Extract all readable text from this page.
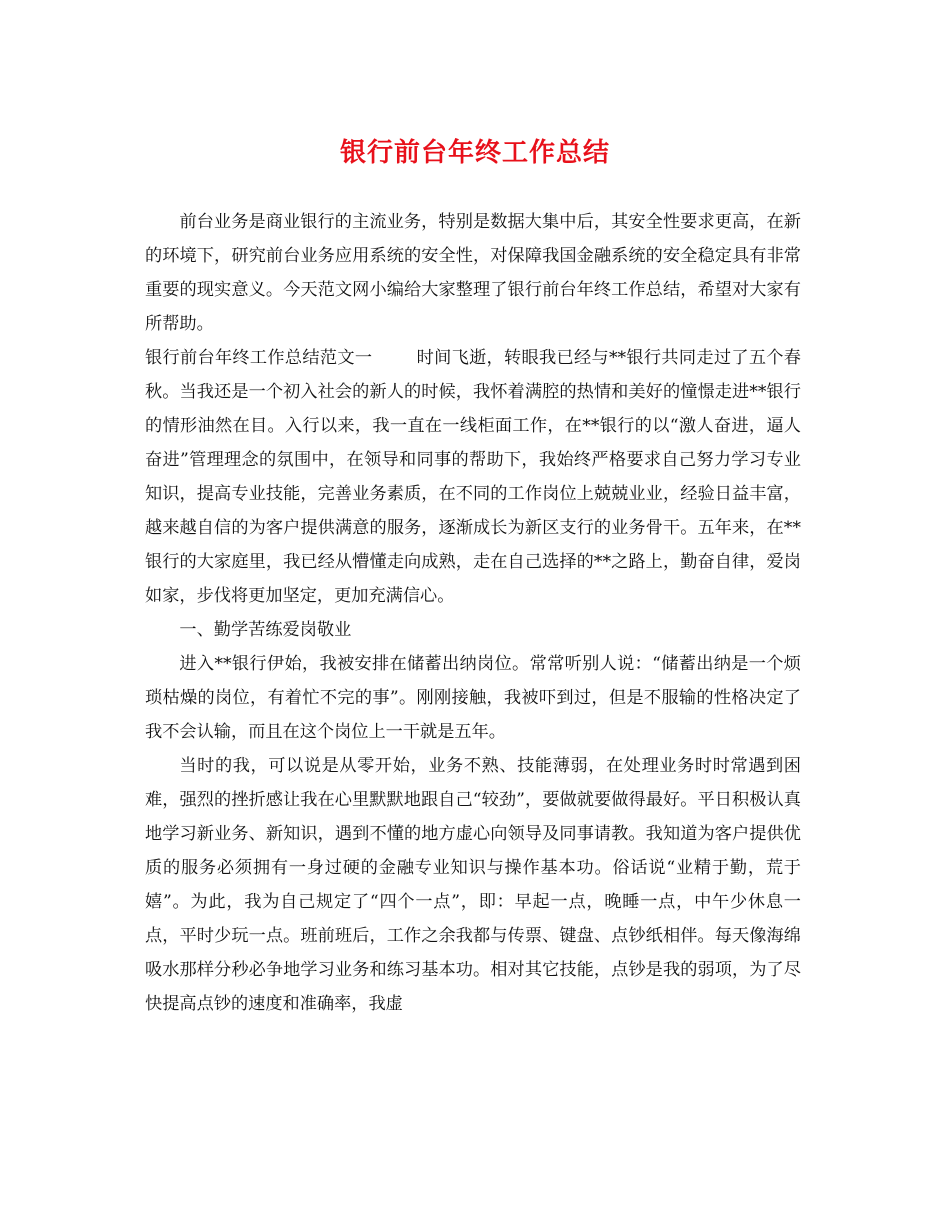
银行前台年终工作总结

前台业务是商业银行的主流业务，特别是数据大集中后，其安全性要求更高，在新的环境下，研究前台业务应用系统的安全性，对保障我国金融系统的安全稳定具有非常重要的现实意义。今天范文网小编给大家整理了银行前台年终工作总结，希望对大家有所帮助。

银行前台年终工作总结范文一	时间飞逝，转眼我已经与**银行共同走过了五个春秋。当我还是一个初入社会的新人的时候，我怀着满腔的热情和美好的憧憬走进**银行的情形油然在目。入行以来，我一直在一线柜面工作，在**银行的以“激人奋进，逼人奋进”管理理念的氛围中，在领导和同事的帮助下，我始终严格要求自己努力学习专业知识，提高专业技能，完善业务素质，在不同的工作岗位上兢兢业业，经验日益丰富，越来越自信的为客户提供满意的服务，逐渐成长为新区支行的业务骨干。五年来，在**银行的大家庭里，我已经从懵懂走向成熟，走在自己选择的**之路上，勤奋自律，爱岗如家，步伐将更加坚定，更加充满信心。

一、勤学苦练爱岗敬业

进入**银行伊始，我被安排在储蓄出纳岗位。常常听别人说：“储蓄出纳是一个烦琐枯燥的岗位，有着忙不完的事”。刚刚接触，我被吓到过，但是不服输的性格决定了我不会认输，而且在这个岗位上一干就是五年。

当时的我，可以说是从零开始，业务不熟、技能薄弱，在处理业务时时常遇到困难，强烈的挫折感让我在心里默默地跟自己“较劲”，要做就要做得最好。平日积极认真地学习新业务、新知识，遇到不懂的地方虚心向领导及同事请教。我知道为客户提供优质的服务必须拥有一身过硬的金融专业知识与操作基本功。俗话说“业精于勤，荒于嬉”。为此，我为自己规定了“四个一点”，即：早起一点，晚睡一点，中午少休息一点，平时少玩一点。班前班后，工作之余我都与传票、键盘、点钞纸相伴。每天像海绵吸水那样分秒必争地学习业务和练习基本功。相对其它技能，点钞是我的弱项，为了尽快提高点钞的速度和准确率，我虚
